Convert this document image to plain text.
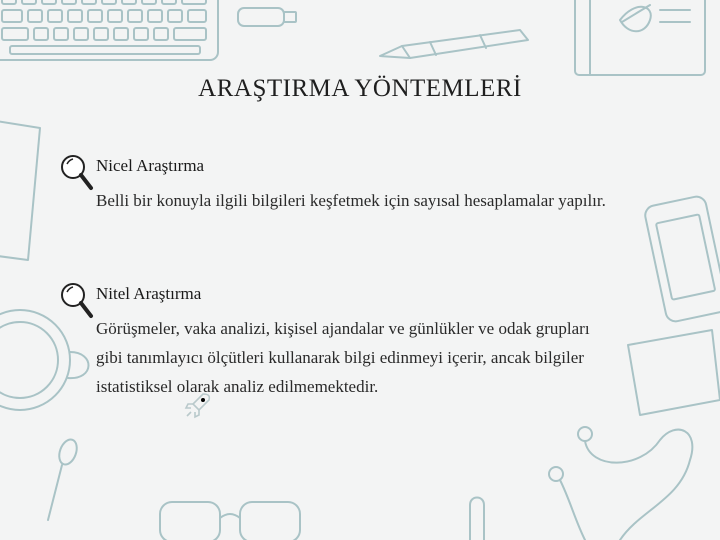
ARAŞTIRMA YÖNTEMLERİ
Nicel Araştırma
Belli bir konuyla ilgili bilgileri keşfetmek için sayısal hesaplamalar yapılır.
Nitel Araştırma
Görüşmeler, vaka analizi, kişisel ajandalar ve günlükler ve odak grupları gibi tanımlayıcı ölçütleri kullanarak bilgi edinmeyi içerir, ancak bilgiler istatistiksel olarak analiz edilmemektedir.
